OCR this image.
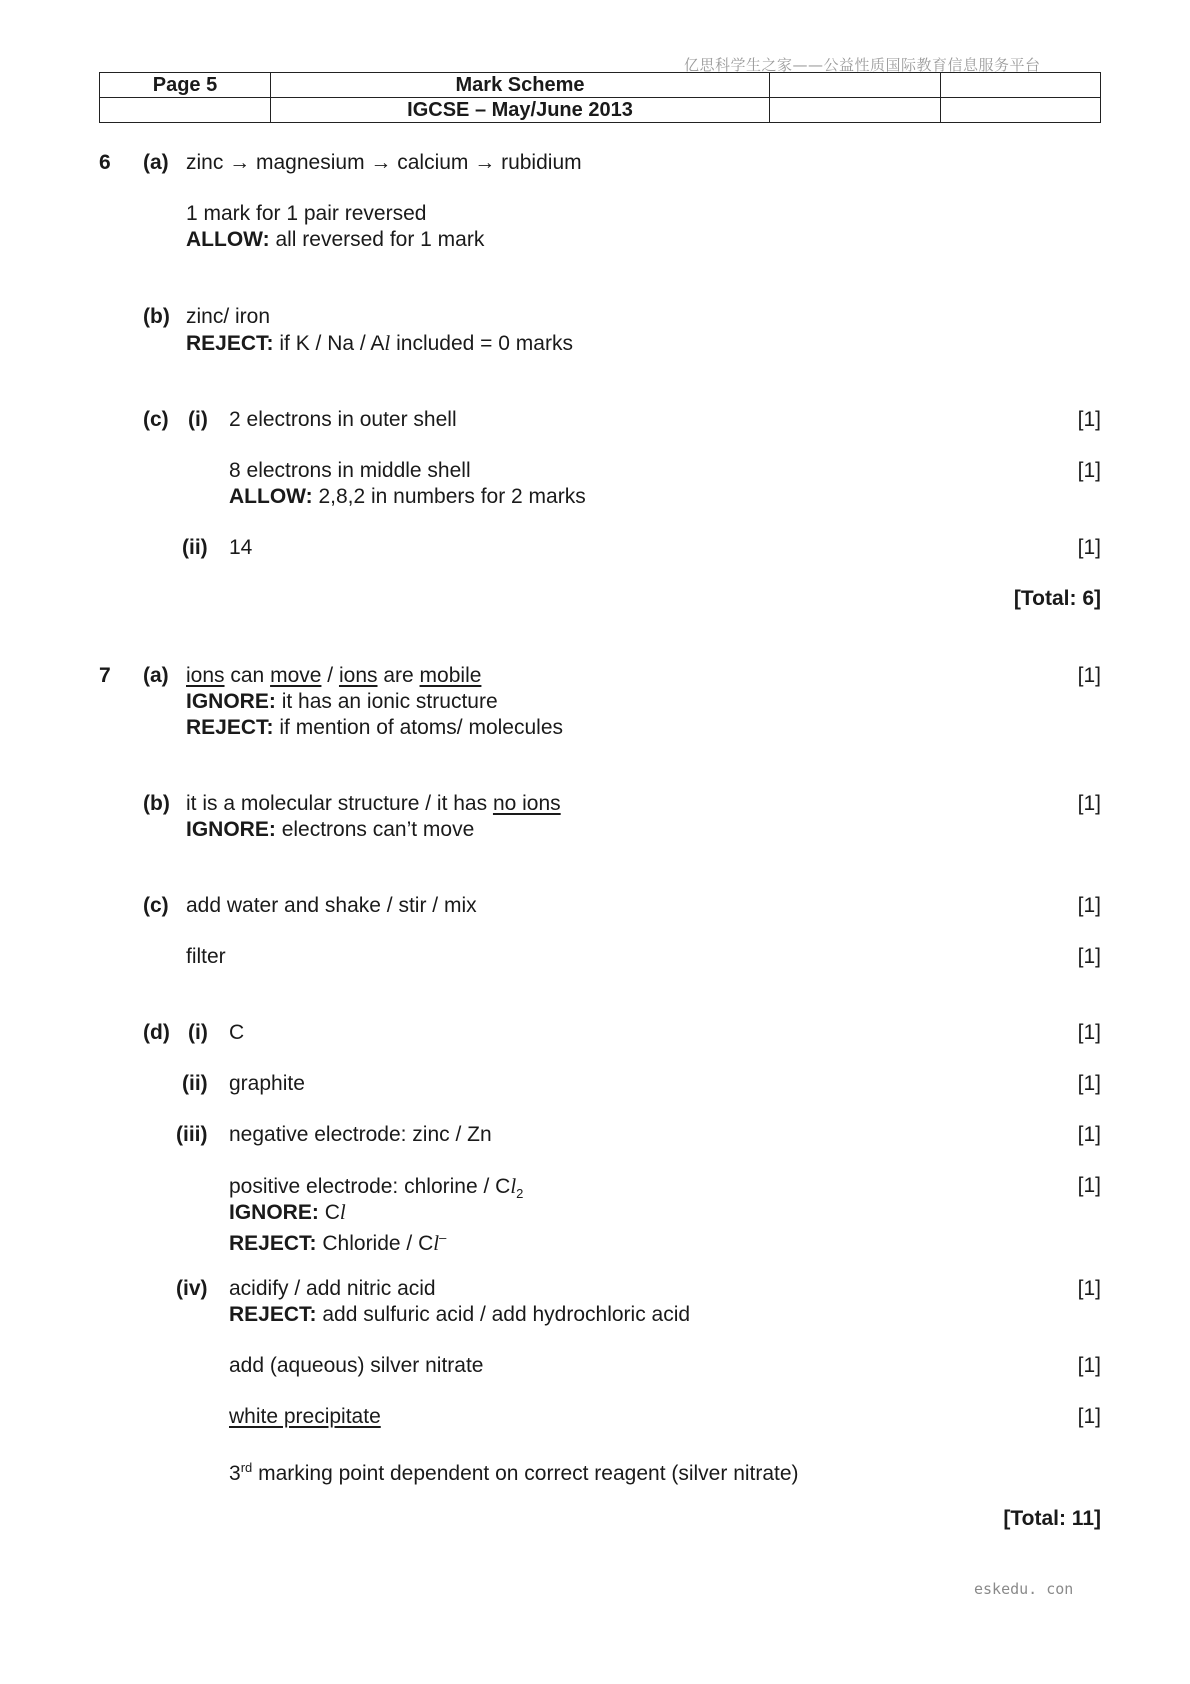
亿思科学生之家——公益性质国际教育信息服务平台
Page 5	Mark Scheme		
	IGCSE – May/June 2013		
6 (a) zinc → magnesium → calcium → rubidium
1 mark for 1 pair reversed
ALLOW: all reversed for 1 mark
(b) zinc/ iron
REJECT: if K / Na / Al included = 0 marks
(c) (i) 2 electrons in outer shell	[1]
8 electrons in middle shell	[1]
ALLOW: 2,8,2 in numbers for 2 marks
(ii) 14	[1]
[Total: 6]
7 (a) ions can move / ions are mobile	[1]
IGNORE: it has an ionic structure
REJECT: if mention of atoms/ molecules
(b) it is a molecular structure / it has no ions	[1]
IGNORE: electrons can’t move
(c) add water and shake / stir / mix	[1]
filter	[1]
(d) (i) C	[1]
(ii) graphite	[1]
(iii) negative electrode: zinc / Zn	[1]
positive electrode: chlorine / $Cl_2$	[1]
IGNORE: Cl
REJECT: Chloride / Cl–
(iv) acidify / add nitric acid	[1]
REJECT: add sulfuric acid / add hydrochloric acid
add (aqueous) silver nitrate	[1]
white precipitate	[1]
3rd marking point dependent on correct reagent (silver nitrate)
[Total: 11]
eskedu. con
